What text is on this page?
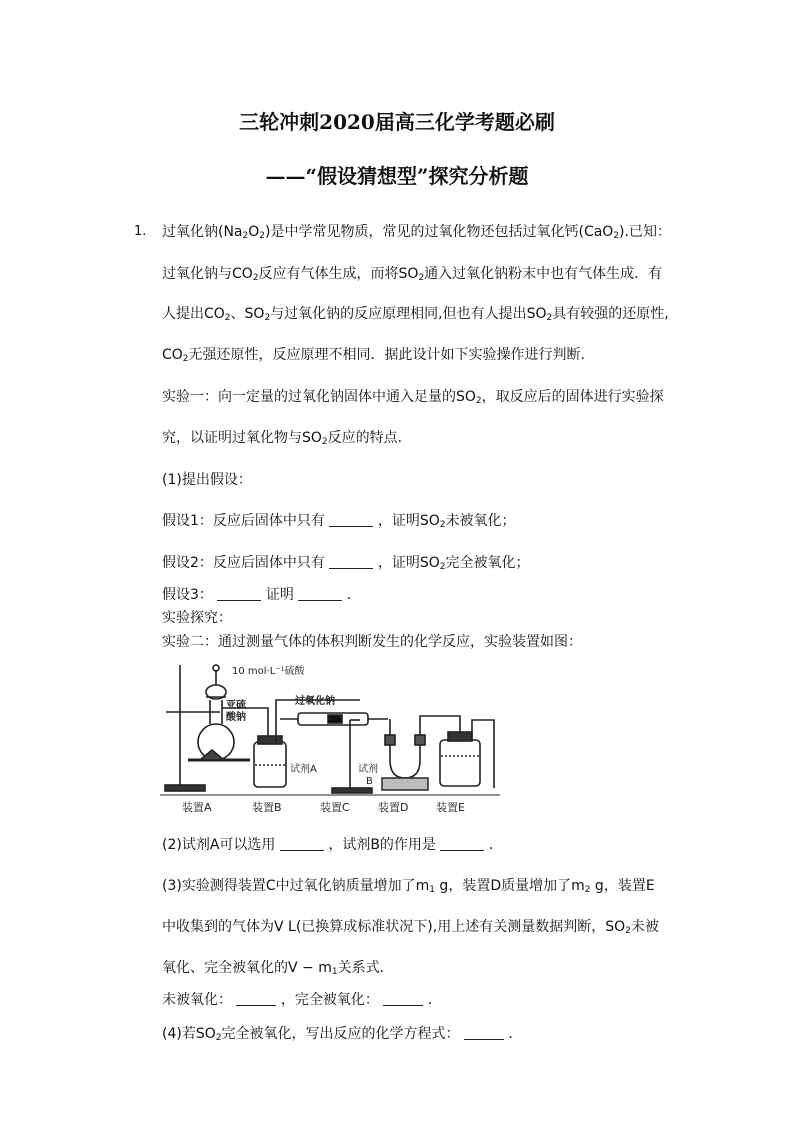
三轮冲刺2020届高三化学考题必刷
——“假设猜想型”探究分析题
1. 过氧化钠$(Na_2O_2)$是中学常见物质，常见的过氧化物还包括过氧化钙(CaO$_2$).已知：
过氧化钠与$CO_2$反应有气体生成，而将$SO_2$通入过氧化钠粉末中也有气体生成．有
人提出$CO_2$、$SO_2$与过氧化钠的反应原理相同,但也有人提出$SO_2$具有较强的还原性,
$CO_2$无强还原性，反应原理不相同．据此设计如下实验操作进行判断．
实验一：向一定量的过氧化钠固体中通入足量的$SO_2$，取反应后的固体进行实验探
究，以证明过氧化物与$SO_2$反应的特点．
(1)提出假设：
假设1：反应后固体中只有	，证明$SO_2$未被氧化；
假设2：反应后固体中只有	，证明$SO_2$完全被氧化；
假设3：	证明	．
实验探究：
实验二：通过测量气体的体积判断发生的化学反应，实验装置如图：
10 mol·L⁻¹硫酸
亚硫
酸钠
过氧化钠
试剂A	试剂
B
装置A	装置B	装置C	装置D	装置E
(2)试剂A可以选用	，试剂B的作用是	．
(3)实验测得装置C中过氧化钠质量增加了$m_1$ g，装置D质量增加了$m_2$ g，装置E
中收集到的气体为V L(已换算成标准状况下),用上述有关测量数据判断，$SO_2$未被
氧化、完全被氧化的$V - m_1$关系式．
未被氧化：	，完全被氧化：	．
(4)若$SO_2$完全被氧化，写出反应的化学方程式：	．
